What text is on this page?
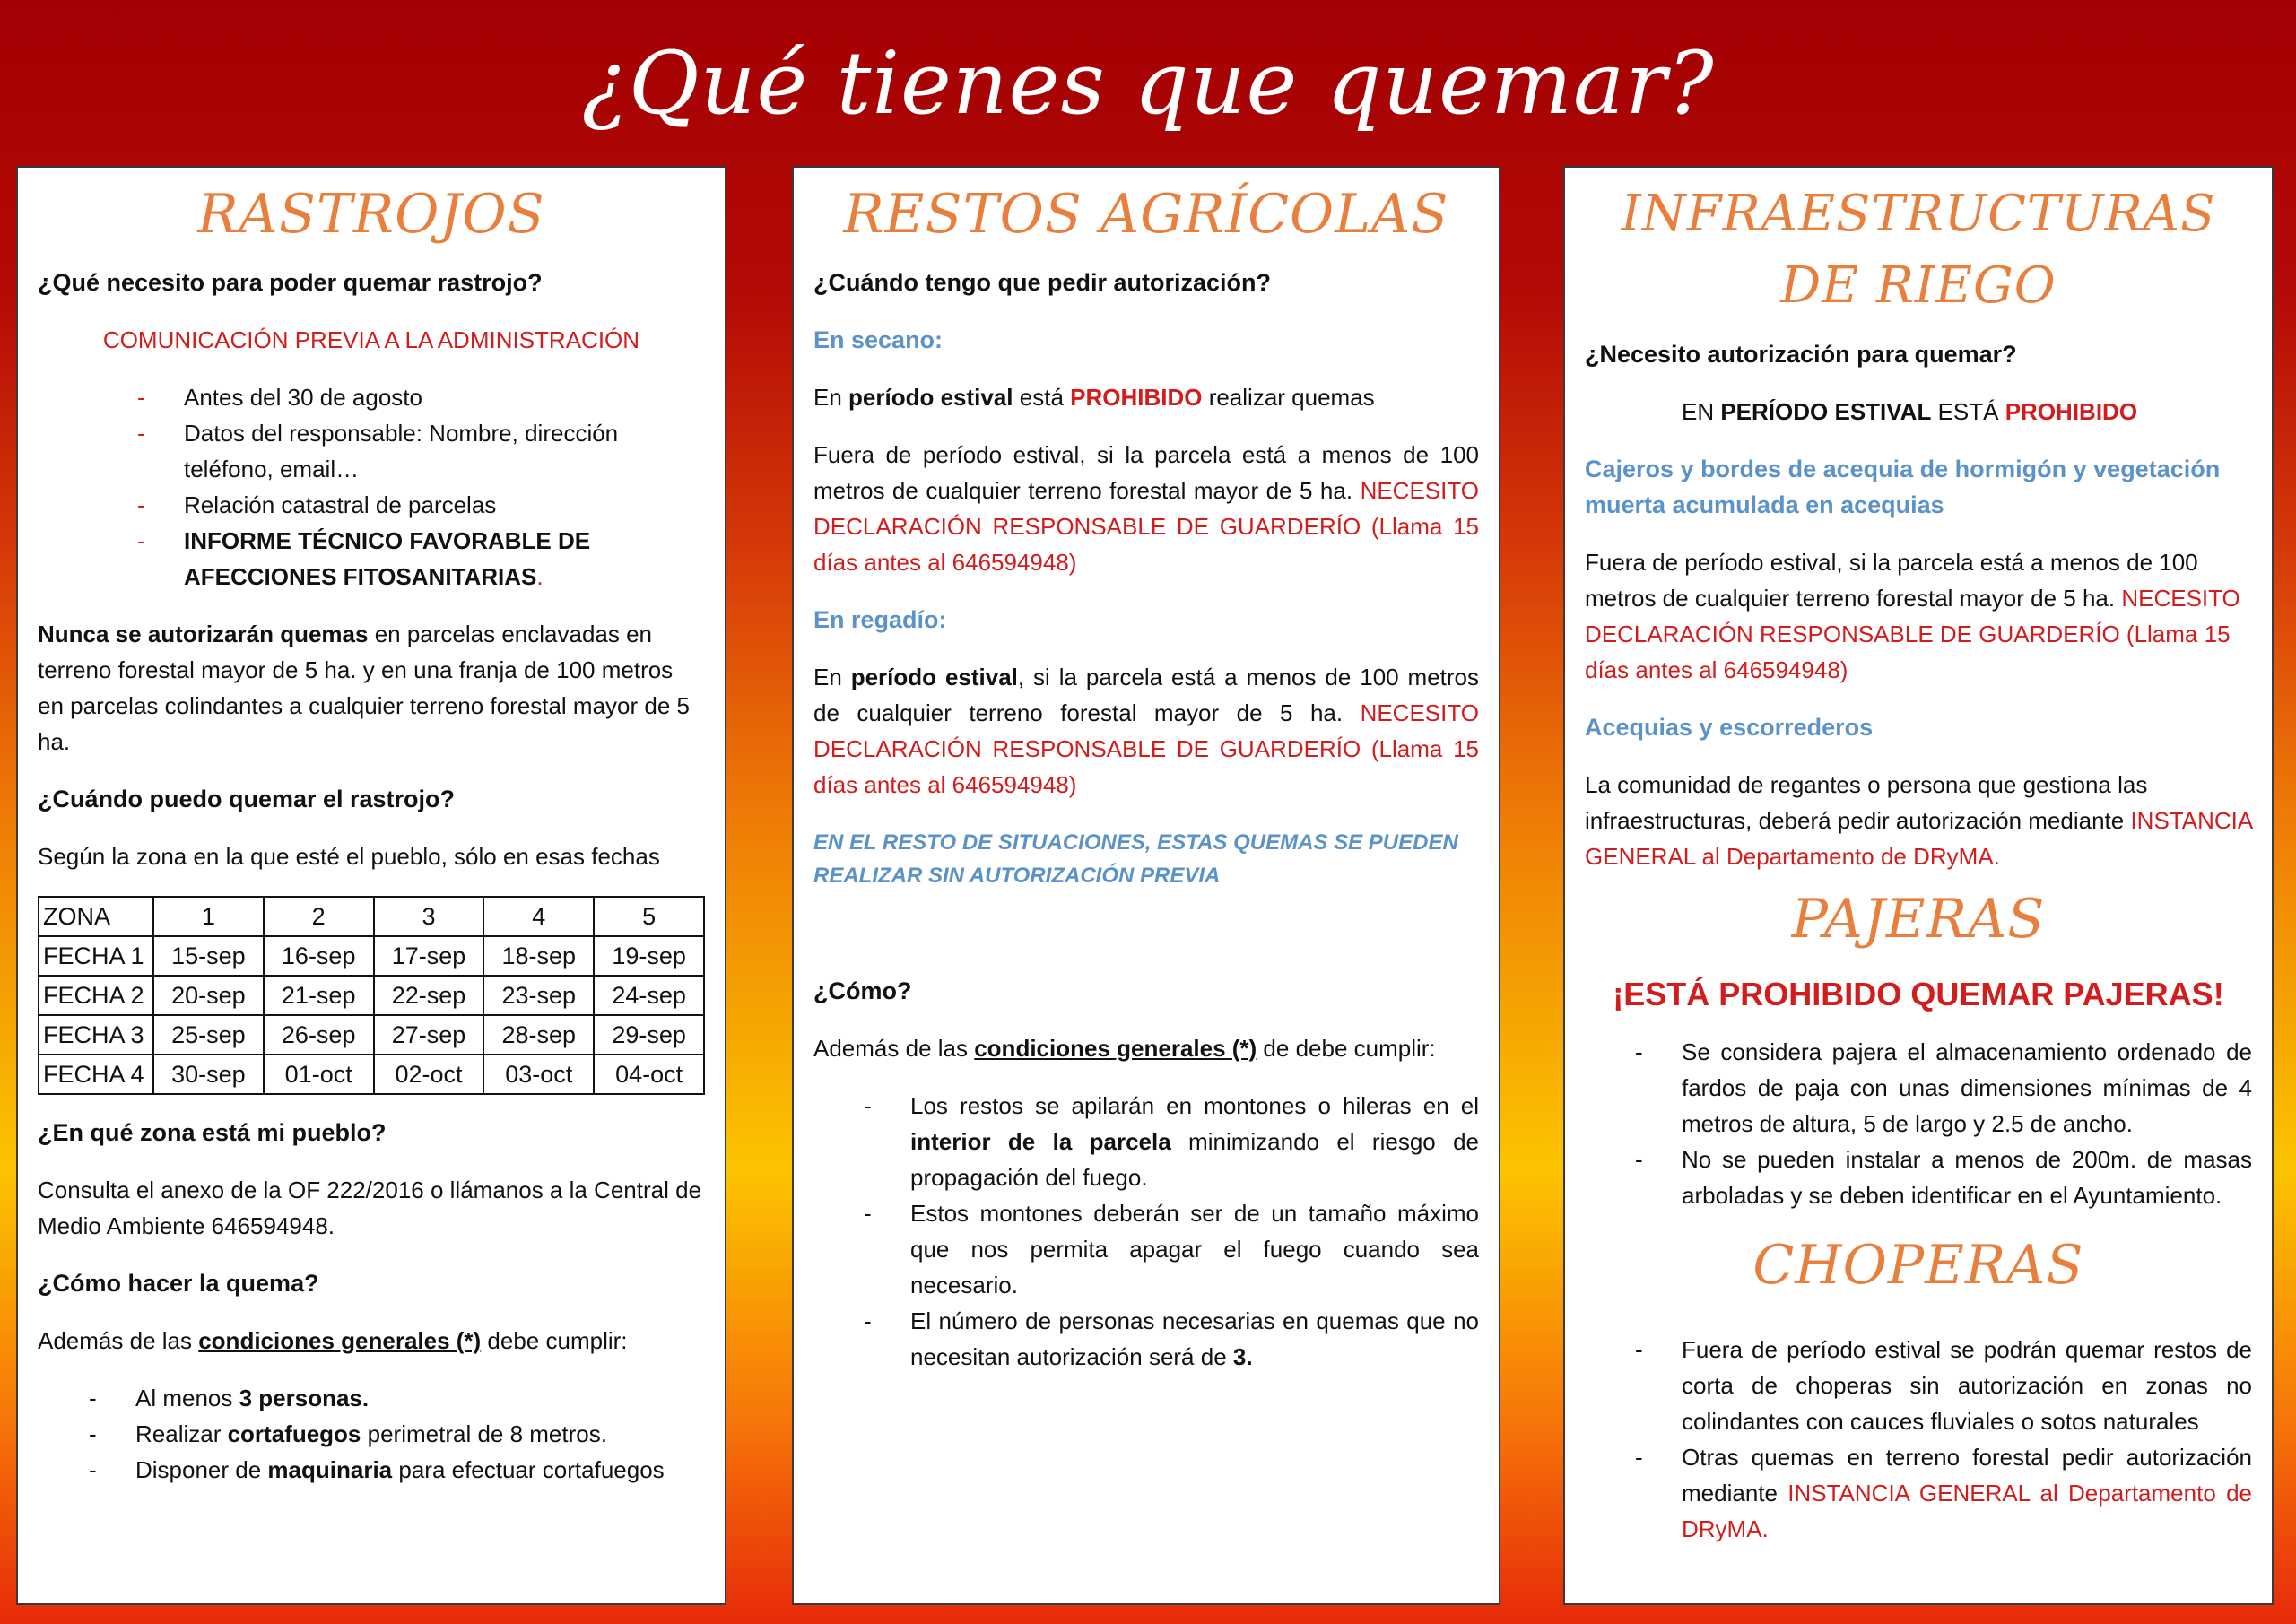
¿Qué tienes que quemar?
RASTROJOS
¿Qué necesito para poder quemar rastrojo?
COMUNICACIÓN PREVIA A LA ADMINISTRACIÓN
- Antes del 30 de agosto
- Datos del responsable: Nombre, dirección teléfono, email…
- Relación catastral de parcelas
- INFORME TÉCNICO FAVORABLE DE AFECCIONES FITOSANITARIAS.
Nunca se autorizarán quemas en parcelas enclavadas en terreno forestal mayor de 5 ha. y en una franja de 100 metros en parcelas colindantes a cualquier terreno forestal mayor de 5 ha.
¿Cuándo puedo quemar el rastrojo?
Según la zona en la que esté el pueblo, sólo en esas fechas
ZONA	1	2	3	4	5
FECHA 1	15-sep	16-sep	17-sep	18-sep	19-sep
FECHA 2	20-sep	21-sep	22-sep	23-sep	24-sep
FECHA 3	25-sep	26-sep	27-sep	28-sep	29-sep
FECHA 4	30-sep	01-oct	02-oct	03-oct	04-oct
¿En qué zona está mi pueblo?
Consulta el anexo de la OF 222/2016 o llámanos a la Central de Medio Ambiente 646594948.
¿Cómo hacer la quema?
Además de las condiciones generales (*) debe cumplir:
- Al menos 3 personas.
- Realizar cortafuegos perimetral de 8 metros.
- Disponer de maquinaria para efectuar cortafuegos
RESTOS AGRÍCOLAS
¿Cuándo tengo que pedir autorización?
En secano:
En período estival está PROHIBIDO realizar quemas
Fuera de período estival, si la parcela está a menos de 100 metros de cualquier terreno forestal mayor de 5 ha. NECESITO DECLARACIÓN RESPONSABLE DE GUARDERÍO (Llama 15 días antes al 646594948)
En regadío:
En período estival, si la parcela está a menos de 100 metros de cualquier terreno forestal mayor de 5 ha. NECESITO DECLARACIÓN RESPONSABLE DE GUARDERÍO (Llama 15 días antes al 646594948)
EN EL RESTO DE SITUACIONES, ESTAS QUEMAS SE PUEDEN REALIZAR SIN AUTORIZACIÓN PREVIA
¿Cómo?
Además de las condiciones generales (*) de debe cumplir:
- Los restos se apilarán en montones o hileras en el interior de la parcela minimizando el riesgo de propagación del fuego.
- Estos montones deberán ser de un tamaño máximo que nos permita apagar el fuego cuando sea necesario.
- El número de personas necesarias en quemas que no necesitan autorización será de 3.
INFRAESTRUCTURAS DE RIEGO
¿Necesito autorización para quemar?
EN PERÍODO ESTIVAL ESTÁ PROHIBIDO
Cajeros y bordes de acequia de hormigón y vegetación muerta acumulada en acequias
Fuera de período estival, si la parcela está a menos de 100 metros de cualquier terreno forestal mayor de 5 ha. NECESITO DECLARACIÓN RESPONSABLE DE GUARDERÍO (Llama 15 días antes al 646594948)
Acequias y escorrederos
La comunidad de regantes o persona que gestiona las infraestructuras, deberá pedir autorización mediante INSTANCIA GENERAL al Departamento de DRyMA.
PAJERAS
¡ESTÁ PROHIBIDO QUEMAR PAJERAS!
- Se considera pajera el almacenamiento ordenado de fardos de paja con unas dimensiones mínimas de 4 metros de altura, 5 de largo y 2.5 de ancho.
- No se pueden instalar a menos de 200m. de masas arboladas y se deben identificar en el Ayuntamiento.
CHOPERAS
- Fuera de período estival se podrán quemar restos de corta de choperas sin autorización en zonas no colindantes con cauces fluviales o sotos naturales
- Otras quemas en terreno forestal pedir autorización mediante INSTANCIA GENERAL al Departamento de DRyMA.
